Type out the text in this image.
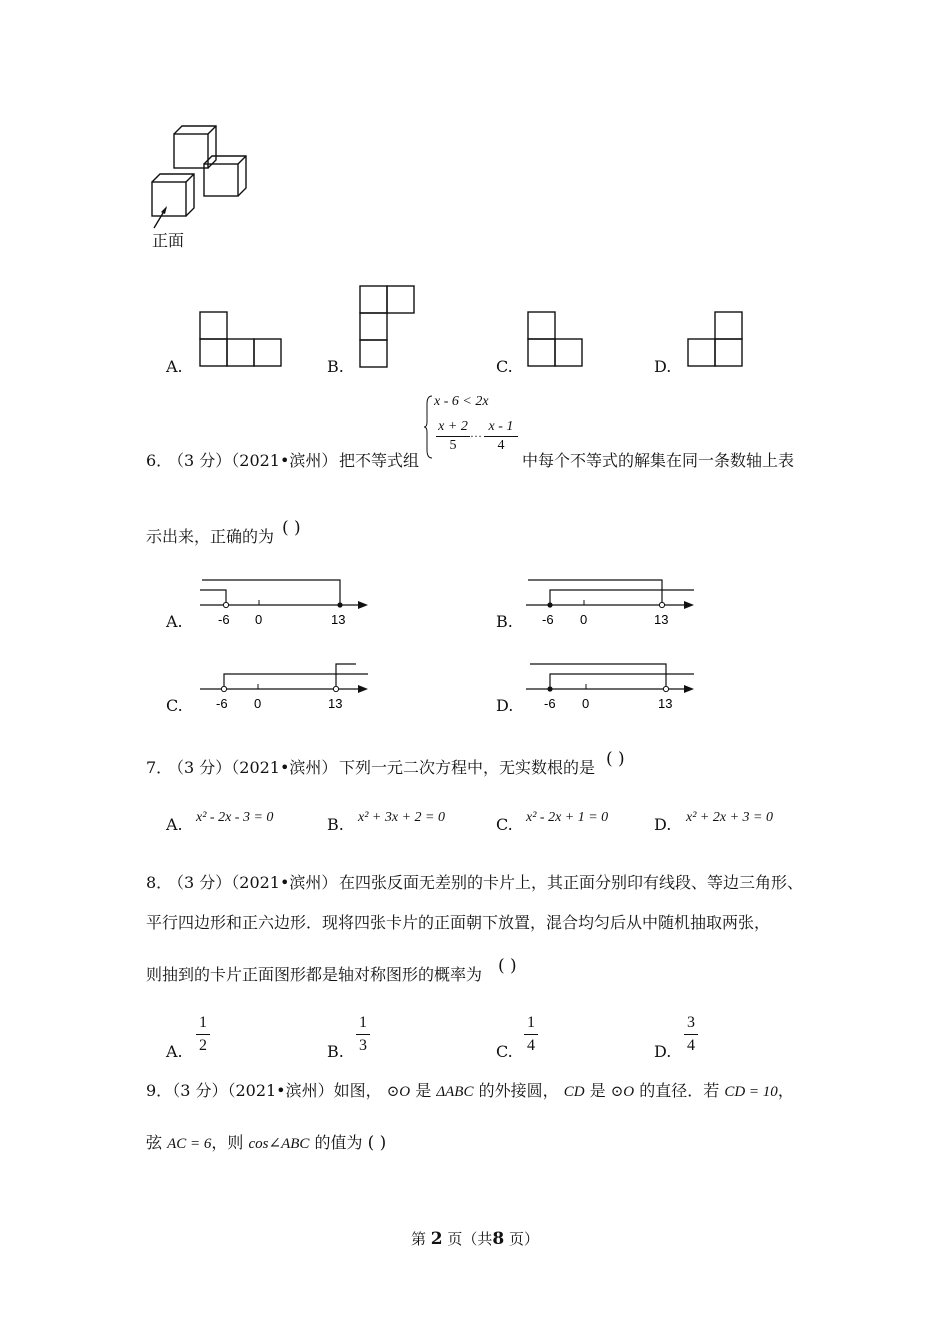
正面
A.	B.	C.	D.
6．
（3 分）（2021•滨州） 把不等式组
x - 6 < 2x
x + 2
5
… x - 1
4
中每个不等式的解集在同一条数轴上表
示出来，正确的为 ( )
A.	-6 0	13	B. -6 0	13
C.	-6 0	13	D. -6 0	13
7．
（3 分）（2021•滨州） 下列一元二次方程中，无实数根的是 ( )
A. x² - 2x - 3 = 0	B. x² + 3x + 2 = 0	C. x² - 2x + 1 = 0	D. x² + 2x + 3 = 0
8．
（3 分）（2021•滨州） 在四张反面无差别的卡片上，其正面分别印有线段、等边三角形、
平行四边形和正六边形．现将四张卡片的正面朝下放置，混合均匀后从中随机抽取两张，
则抽到的卡片正面图形都是轴对称图形的概率为 ( )
A.
1
2	B.
1
3	C.
1
4	D.
3
4
9．（3 分）（2021•滨州）如图， ⊙O 是 ΔABC 的外接圆， CD 是 ⊙O 的直径．若 CD = 10，
弦 AC = 6，则 cos∠ABC 的值为 ( )
第 2 页（共8 页）
